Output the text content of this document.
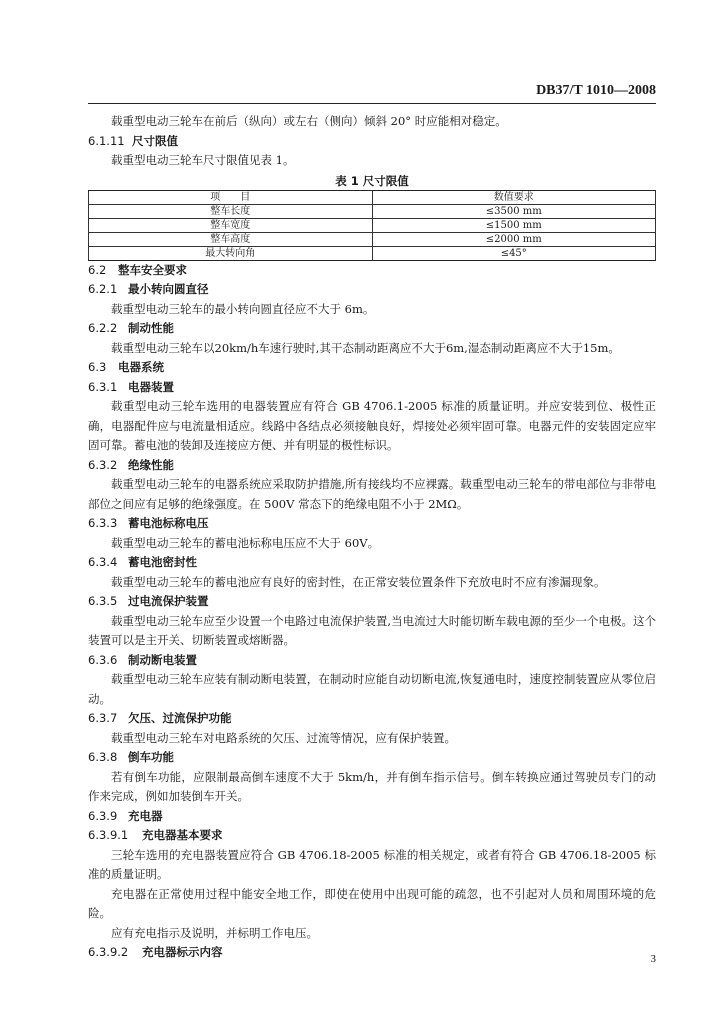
DB37/T 1010—2008
载重型电动三轮车在前后（纵向）或左右（侧向）倾斜 20° 时应能相对稳定。
6.1.11 尺寸限值
载重型电动三轮车尺寸限值见表 1。
表 1 尺寸限值
项　　目	数值要求
整车长度	≤3500 mm
整车宽度	≤1500 mm
整车高度	≤2000 mm
最大转向角	≤45°
6.2 整车安全要求
6.2.1 最小转向圆直径
载重型电动三轮车的最小转向圆直径应不大于 6m。
6.2.2 制动性能
载重型电动三轮车以20km/h车速行驶时,其干态制动距离应不大于6m,湿态制动距离应不大于15m。
6.3 电器系统
6.3.1 电器装置
载重型电动三轮车选用的电器装置应有符合 GB 4706.1-2005 标准的质量证明。并应安装到位、极性正确，电器配件应与电流量相适应。线路中各结点必须接触良好，焊接处必须牢固可靠。电器元件的安装固定应牢固可靠。蓄电池的装卸及连接应方便、并有明显的极性标识。
6.3.2 绝缘性能
载重型电动三轮车的电器系统应采取防护措施,所有接线均不应裸露。载重型电动三轮车的带电部位与非带电部位之间应有足够的绝缘强度。在 500V 常态下的绝缘电阻不小于 2MΩ。
6.3.3 蓄电池标称电压
载重型电动三轮车的蓄电池标称电压应不大于 60V。
6.3.4 蓄电池密封性
载重型电动三轮车的蓄电池应有良好的密封性，在正常安装位置条件下充放电时不应有渗漏现象。
6.3.5 过电流保护装置
载重型电动三轮车应至少设置一个电路过电流保护装置,当电流过大时能切断车载电源的至少一个电极。这个装置可以是主开关、切断装置或熔断器。
6.3.6 制动断电装置
载重型电动三轮车应装有制动断电装置，在制动时应能自动切断电流,恢复通电时，速度控制装置应从零位启动。
6.3.7 欠压、过流保护功能
载重型电动三轮车对电路系统的欠压、过流等情况，应有保护装置。
6.3.8 倒车功能
若有倒车功能，应限制最高倒车速度不大于 5km/h，并有倒车指示信号。倒车转换应通过驾驶员专门的动作来完成，例如加装倒车开关。
6.3.9 充电器
6.3.9.1 充电器基本要求
三轮车选用的充电器装置应符合 GB 4706.18-2005 标准的相关规定，或者有符合 GB 4706.18-2005 标准的质量证明。
充电器在正常使用过程中能安全地工作，即使在使用中出现可能的疏忽，也不引起对人员和周围环境的危险。
应有充电指示及说明，并标明工作电压。
6.3.9.2 充电器标示内容	3
